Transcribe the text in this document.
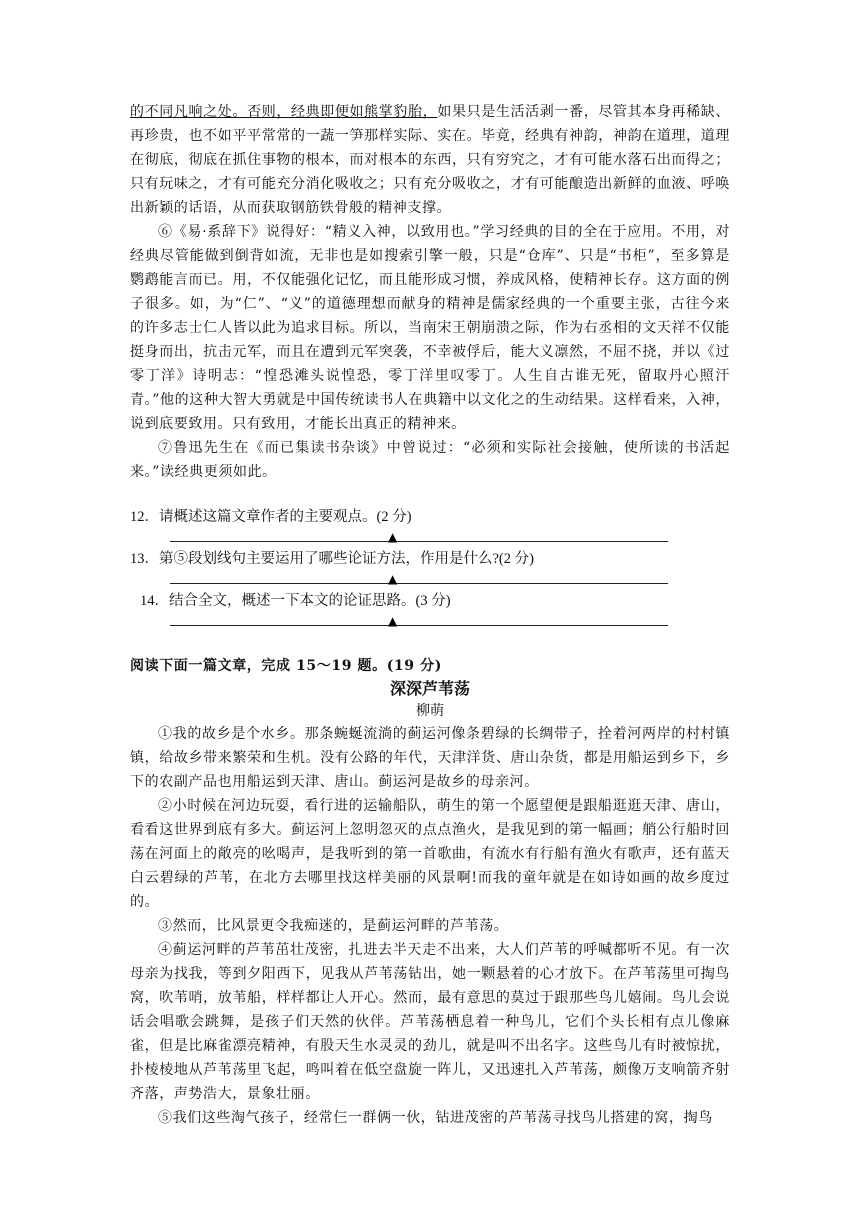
的不同凡响之处。否则，经典即便如熊掌豹胎，如果只是生活活剥一番，尽管其本身再稀缺、再珍贵，也不如平平常常的一蔬一笋那样实际、实在。毕竟，经典有神韵，神韵在道理，道理在彻底，彻底在抓住事物的根本，而对根本的东西，只有穷究之，才有可能水落石出而得之；只有玩味之，才有可能充分消化吸收之；只有充分吸收之，才有可能酿造出新鲜的血液、呼唤出新颖的话语，从而获取钢筋铁骨般的精神支撑。

⑥《易·系辞下》说得好：“精义入神，以致用也。”学习经典的目的全在于应用。不用，对经典尽管能做到倒背如流，无非也是如搜索引擎一般，只是“仓库”、只是“书柜”，至多算是鹦鹉能言而已。用，不仅能强化记忆，而且能形成习惯，养成风格，使精神长存。这方面的例子很多。如，为“仁”、“义”的道德理想而献身的精神是儒家经典的一个重要主张，古往今来的许多志士仁人皆以此为追求目标。所以，当南宋王朝崩溃之际，作为右丞相的文天祥不仅能挺身而出，抗击元军，而且在遭到元军突袭，不幸被俘后，能大义凛然，不屈不挠，并以《过零丁洋》诗明志：“惶恐滩头说惶恐，零丁洋里叹零丁。人生自古谁无死，留取丹心照汗青。”他的这种大智大勇就是中国传统读书人在典籍中以文化之的生动结果。这样看来，入神，说到底要致用。只有致用，才能长出真正的精神来。

⑦鲁迅先生在《而已集读书杂谈》中曾说过：“必须和实际社会接触，使所读的书活起来。”读经典更须如此。

12．请概述这篇文章作者的主要观点。(2 分)

▲

13．第⑤段划线句主要运用了哪些论证方法，作用是什么?(2 分)

▲

14．结合全文，概述一下本文的论证思路。(3 分)

▲

阅读下面一篇文章，完成 15～19 题。(19 分)

深深芦苇荡

柳萌

①我的故乡是个水乡。那条蜿蜒流淌的蓟运河像条碧绿的长绸带子，拴着河两岸的村村镇镇，给故乡带来繁荣和生机。没有公路的年代，天津洋货、唐山杂货，都是用船运到乡下，乡下的农副产品也用船运到天津、唐山。蓟运河是故乡的母亲河。

②小时候在河边玩耍，看行进的运输船队，萌生的第一个愿望便是跟船逛逛天津、唐山，看看这世界到底有多大。蓟运河上忽明忽灭的点点渔火，是我见到的第一幅画；艄公行船时回荡在河面上的敞亮的吆喝声，是我听到的第一首歌曲，有流水有行船有渔火有歌声，还有蓝天白云碧绿的芦苇，在北方去哪里找这样美丽的风景啊!而我的童年就是在如诗如画的故乡度过的。

③然而，比风景更令我痴迷的，是蓟运河畔的芦苇荡。

④蓟运河畔的芦苇茁壮茂密，扎进去半天走不出来，大人们芦苇的呼喊都听不见。有一次母亲为找我，等到夕阳西下，见我从芦苇荡钻出，她一颗悬着的心才放下。在芦苇荡里可掏鸟窝，吹苇哨，放苇船，样样都让人开心。然而，最有意思的莫过于跟那些鸟儿嬉闹。鸟儿会说话会唱歌会跳舞，是孩子们天然的伙伴。芦苇荡栖息着一种鸟儿，它们个头长相有点儿像麻雀，但是比麻雀漂亮精神，有股天生水灵灵的劲儿，就是叫不出名字。这些鸟儿有时被惊扰，扑棱棱地从芦苇荡里飞起，鸣叫着在低空盘旋一阵儿，又迅速扎入芦苇荡，颇像万支响箭齐射齐落，声势浩大，景象壮丽。

⑤我们这些淘气孩子，经常仨一群俩一伙，钻进茂密的芦苇荡寻找鸟儿搭建的窝，掏鸟
